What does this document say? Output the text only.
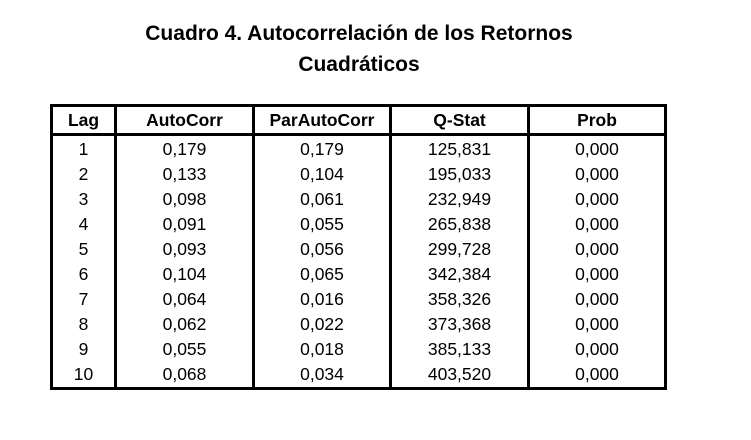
Cuadro 4. Autocorrelación de los Retornos
Cuadráticos
Lag	AutoCorr	ParAutoCorr	Q-Stat	Prob
1	0,179	0,179	125,831	0,000
2	0,133	0,104	195,033	0,000
3	0,098	0,061	232,949	0,000
4	0,091	0,055	265,838	0,000
5	0,093	0,056	299,728	0,000
6	0,104	0,065	342,384	0,000
7	0,064	0,016	358,326	0,000
8	0,062	0,022	373,368	0,000
9	0,055	0,018	385,133	0,000
10	0,068	0,034	403,520	0,000
